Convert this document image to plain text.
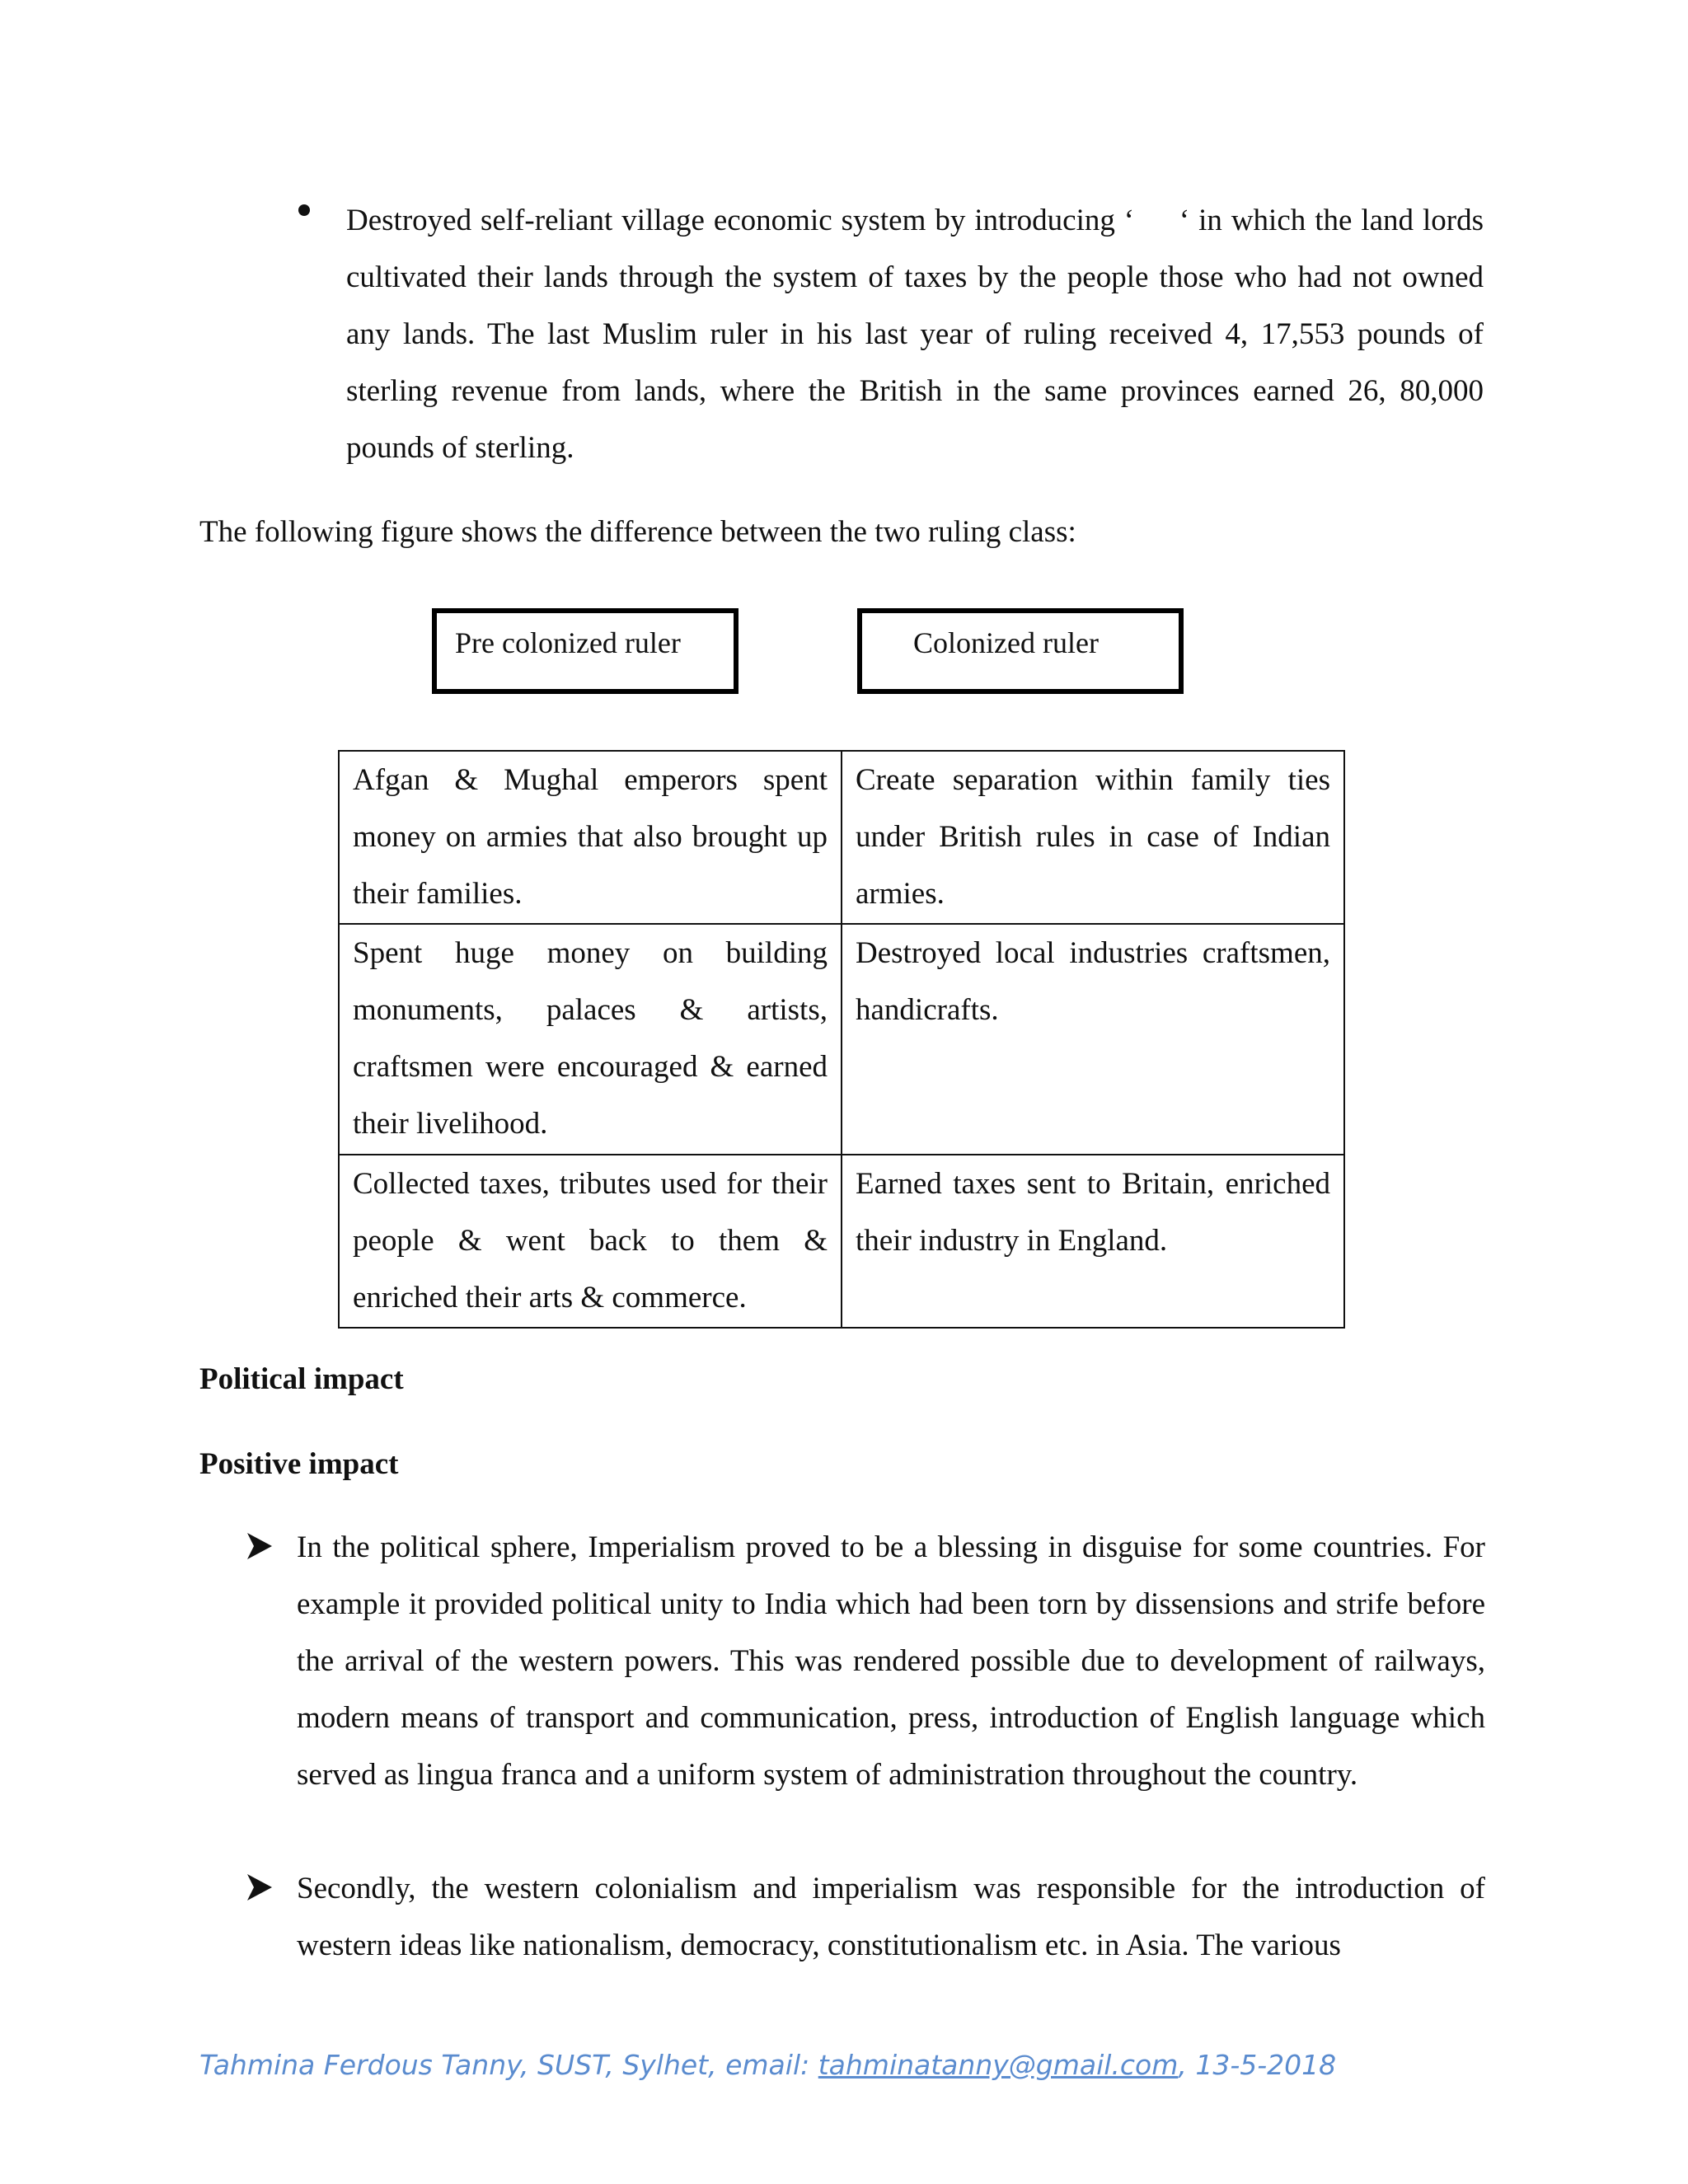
Destroyed self-reliant village economic system by introducing ‘     ‘ in which the land lords cultivated their lands through the system of taxes by the people those who had not owned any lands. The last Muslim ruler in his last year of ruling received 4, 17,553 pounds of sterling revenue from lands, where the British in the same provinces earned 26, 80,000 pounds of sterling.

The following figure shows the difference between the two ruling class:

Pre colonized ruler	Colonized ruler
Afgan & Mughal emperors spent money on armies that also brought up their families.	Create separation within family ties under British rules in case of Indian armies.
Spent huge money on building monuments, palaces & artists, craftsmen were encouraged & earned their livelihood.	Destroyed local industries craftsmen, handicrafts.
Collected taxes, tributes used for their people & went back to them & enriched their arts & commerce.	Earned taxes sent to Britain, enriched their industry in England.

Political impact

Positive impact

In the political sphere, Imperialism proved to be a blessing in disguise for some countries. For example it provided political unity to India which had been torn by dissensions and strife before the arrival of the western powers. This was rendered possible due to development of railways, modern means of transport and communication, press, introduction of English language which served as lingua franca and a uniform system of administration throughout the country.

Secondly, the western colonialism and imperialism was responsible for the introduction of western ideas like nationalism, democracy, constitutionalism etc. in Asia. The various

Tahmina Ferdous Tanny, SUST, Sylhet, email: tahminatanny@gmail.com, 13-5-2018
